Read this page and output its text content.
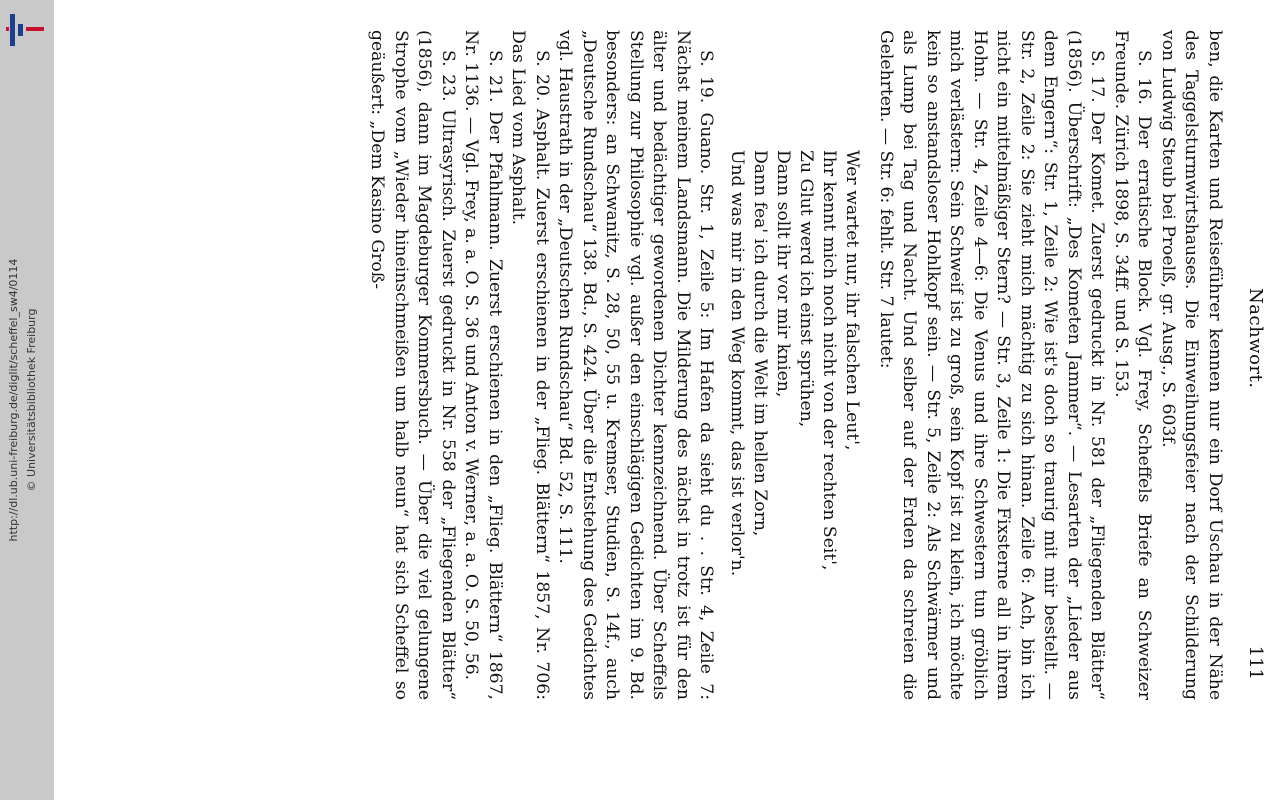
http://dl.ub.uni-freiburg.de/diglit/scheffel_sw4/0114 © Universitätsbibliothek Freiburg	Nachwort.
111

ben, die Karten und Reiseführer kennen nur ein Dorf Uschau in der Nähe des Taggelsturmwirtshauses. Die Einweihungsfeier nach der Schilderung von Ludwig Steub bei Proelß, gr. Ausg., S. 603f.

S. 16. Der erratische Block. Vgl. Frey, Scheffels Briefe an Schweizer Freunde. Zürich 1898, S. 34ff. und S. 153.

S. 17. Der Komet. Zuerst gedruckt in Nr. 581 der „Fliegenden Blätter“ (1856). Überschrift: „Des Kometen Jammer“. — Lesarten der „Lieder aus dem Engern“: Str. 1, Zeile 2: Wie ist's doch so traurig mit mir bestellt. — Str. 2, Zeile 2: Sie zieht mich mächtig zu sich hinan. Zeile 6: Ach, bin ich nicht ein mittelmäßiger Stern? — Str. 3, Zeile 1: Die Fixsterne all in ihrem Hohn. — Str. 4, Zeile 4—6: Die Venus und ihre Schwestern tun gröblich mich verlästern: Sein Schweif ist zu groß, sein Kopf ist zu klein, ich möchte kein so anstandsloser Hohlkopf sein. — Str. 5, Zeile 2: Als Schwärmer und als Lump bei Tag und Nacht. Und selber auf der Erden da schreien die Gelehrten. — Str. 6: fehlt. Str. 7 lautet:

Wer wartet nur, ihr falschen Leut',
Ihr kennt mich noch nicht von der rechten Seit',
Zu Glut werd ich einst sprühen,
Dann sollt ihr vor mir knien,
Dann fea' ich durch die Welt im hellen Zorn,
Und was mir in den Weg kommt, das ist verlor'n.

S. 19. Guano. Str. 1, Zeile 5: Im Hafen da sieht du . . Str. 4, Zeile 7: Nächst meinem Landsmann. Die Milderung des nächst in trotz ist für den älter und bedächtiger gewordenen Dichter kennzeichnend. Über Scheffels Stellung zur Philosophie vgl. außer den einschlägigen Gedichten im 9. Bd. besonders: an Schwanitz, S. 28, 50, 55 u. Kremser, Studien, S. 14f., auch „Deutsche Rundschau“ 138. Bd., S. 424. Über die Entstehung des Gedichtes vgl. Haustrath in der „Deutschen Rundschau“ Bd. 52, S. 111.

S. 20. Asphalt. Zuerst erschienen in der „Flieg. Blättern“ 1857, Nr. 706: Das Lied vom Asphalt.

S. 21. Der Pfahlmann. Zuerst erschienen in den „Flieg. Blättern“ 1867, Nr. 1136. — Vgl. Frey, a. a. O. S. 36 und Anton v. Werner, a. a. O. S. 50, 56.

S. 23. Ultrasyrisch. Zuerst gedruckt in Nr. 558 der „Fliegenden Blätter“ (1856), dann im Magdeburger Kommersbuch. — Über die viel gelungene Strophe vom „Wieder hineinschmeißen um halb neun“ hat sich Scheffel so geäußert: „Dem Kasino Groß-
